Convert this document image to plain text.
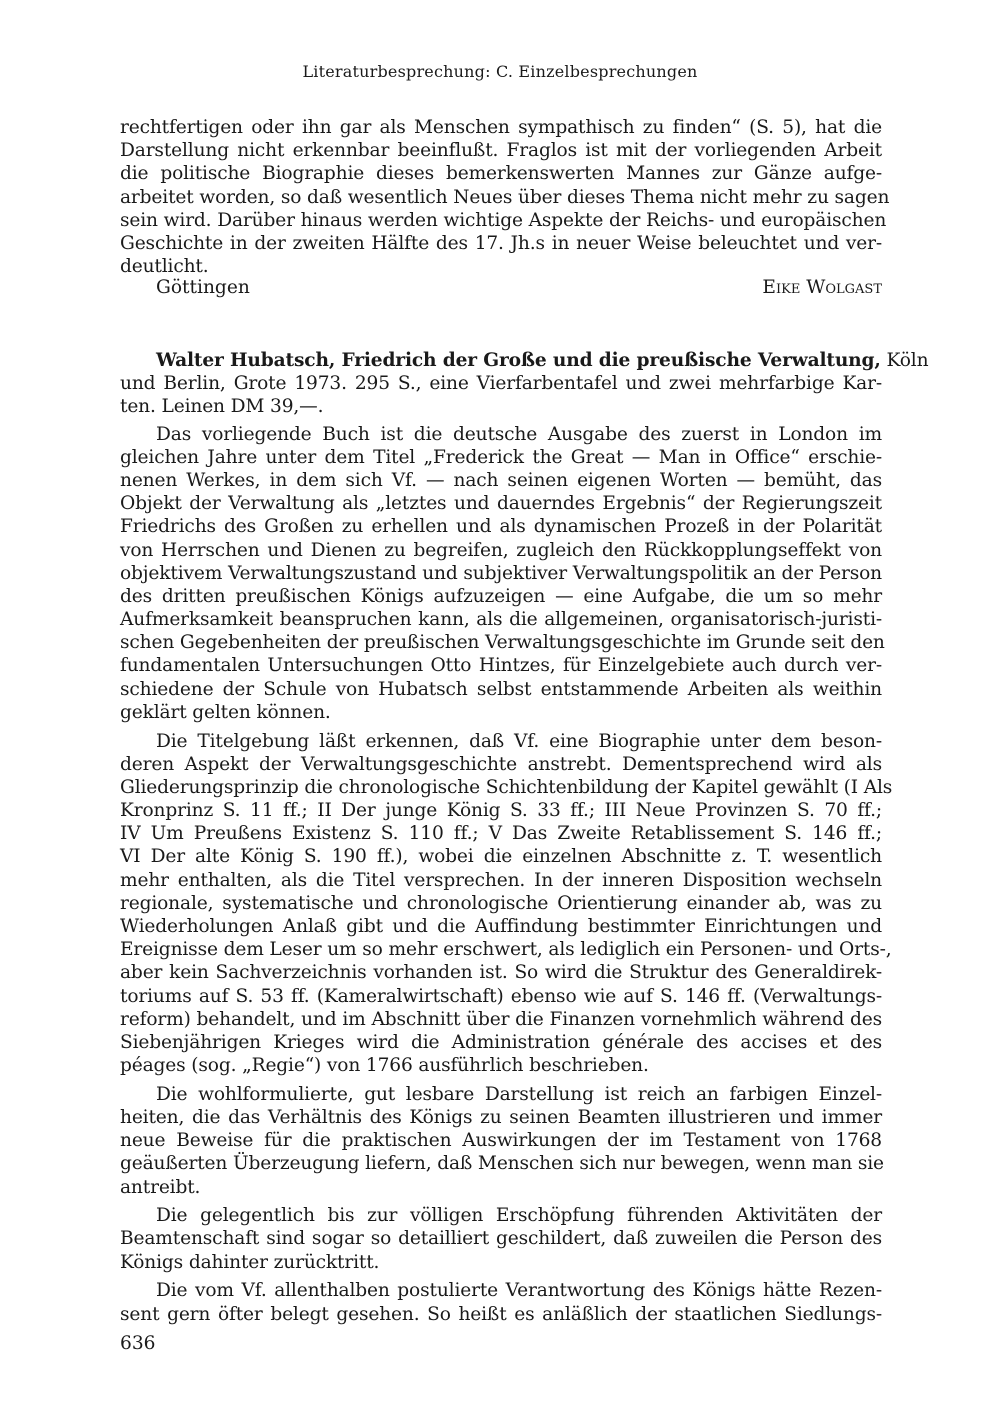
Literaturbesprechung: C. Einzelbesprechungen
rechtfertigen oder ihn gar als Menschen sympathisch zu finden“ (S. 5), hat die
Darstellung nicht erkennbar beeinflußt. Fraglos ist mit der vorliegenden Arbeit
die politische Biographie dieses bemerkenswerten Mannes zur Gänze aufge-
arbeitet worden, so daß wesentlich Neues über dieses Thema nicht mehr zu sagen
sein wird. Darüber hinaus werden wichtige Aspekte der Reichs- und europäischen
Geschichte in der zweiten Hälfte des 17. Jh.s in neuer Weise beleuchtet und ver-
deutlicht.
Göttingen	Eike Wolgast
Walter Hubatsch, Friedrich der Große und die preußische Verwaltung, Köln
und Berlin, Grote 1973. 295 S., eine Vierfarbentafel und zwei mehrfarbige Kar-
ten. Leinen DM 39,—.
Das vorliegende Buch ist die deutsche Ausgabe des zuerst in London im
gleichen Jahre unter dem Titel „Frederick the Great — Man in Office“ erschie-
nenen Werkes, in dem sich Vf. — nach seinen eigenen Worten — bemüht, das
Objekt der Verwaltung als „letztes und dauerndes Ergebnis“ der Regierungszeit
Friedrichs des Großen zu erhellen und als dynamischen Prozeß in der Polarität
von Herrschen und Dienen zu begreifen, zugleich den Rückkopplungseffekt von
objektivem Verwaltungszustand und subjektiver Verwaltungspolitik an der Person
des dritten preußischen Königs aufzuzeigen — eine Aufgabe, die um so mehr
Aufmerksamkeit beanspruchen kann, als die allgemeinen, organisatorisch-juristi-
schen Gegebenheiten der preußischen Verwaltungsgeschichte im Grunde seit den
fundamentalen Untersuchungen Otto Hintzes, für Einzelgebiete auch durch ver-
schiedene der Schule von Hubatsch selbst entstammende Arbeiten als weithin
geklärt gelten können.
Die Titelgebung läßt erkennen, daß Vf. eine Biographie unter dem beson-
deren Aspekt der Verwaltungsgeschichte anstrebt. Dementsprechend wird als
Gliederungsprinzip die chronologische Schichtenbildung der Kapitel gewählt (I Als
Kronprinz S. 11 ff.; II Der junge König S. 33 ff.; III Neue Provinzen S. 70 ff.;
IV Um Preußens Existenz S. 110 ff.; V Das Zweite Retablissement S. 146 ff.;
VI Der alte König S. 190 ff.), wobei die einzelnen Abschnitte z. T. wesentlich
mehr enthalten, als die Titel versprechen. In der inneren Disposition wechseln
regionale, systematische und chronologische Orientierung einander ab, was zu
Wiederholungen Anlaß gibt und die Auffindung bestimmter Einrichtungen und
Ereignisse dem Leser um so mehr erschwert, als lediglich ein Personen- und Orts-,
aber kein Sachverzeichnis vorhanden ist. So wird die Struktur des Generaldirek-
toriums auf S. 53 ff. (Kameralwirtschaft) ebenso wie auf S. 146 ff. (Verwaltungs-
reform) behandelt, und im Abschnitt über die Finanzen vornehmlich während des
Siebenjährigen Krieges wird die Administration générale des accises et des
péages (sog. „Regie“) von 1766 ausführlich beschrieben.
Die wohlformulierte, gut lesbare Darstellung ist reich an farbigen Einzel-
heiten, die das Verhältnis des Königs zu seinen Beamten illustrieren und immer
neue Beweise für die praktischen Auswirkungen der im Testament von 1768
geäußerten Überzeugung liefern, daß Menschen sich nur bewegen, wenn man sie
antreibt.
Die gelegentlich bis zur völligen Erschöpfung führenden Aktivitäten der
Beamtenschaft sind sogar so detailliert geschildert, daß zuweilen die Person des
Königs dahinter zurücktritt.
Die vom Vf. allenthalben postulierte Verantwortung des Königs hätte Rezen-
sent gern öfter belegt gesehen. So heißt es anläßlich der staatlichen Siedlungs-
636
